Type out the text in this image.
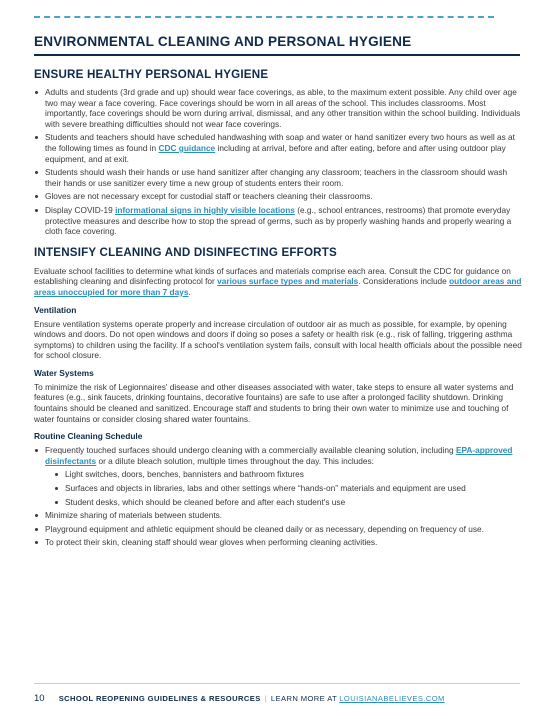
ENVIRONMENTAL CLEANING AND PERSONAL HYGIENE
ENSURE HEALTHY PERSONAL HYGIENE
Adults and students (3rd grade and up) should wear face coverings, as able, to the maximum extent possible. Any child over age two may wear a face covering. Face coverings should be worn in all areas of the school. This includes classrooms. Most importantly, face coverings should be worn during arrival, dismissal, and any other transition within the school building. Individuals with severe breathing difficulties should not wear face coverings.
Students and teachers should have scheduled handwashing with soap and water or hand sanitizer every two hours as well as at the following times as found in CDC guidance including at arrival, before and after eating, before and after using outdoor play equipment, and at exit.
Students should wash their hands or use hand sanitizer after changing any classroom; teachers in the classroom should wash their hands or use sanitizer every time a new group of students enters their room.
Gloves are not necessary except for custodial staff or teachers cleaning their classrooms.
Display COVID-19 informational signs in highly visible locations (e.g., school entrances, restrooms) that promote everyday protective measures and describe how to stop the spread of germs, such as by properly washing hands and properly wearing a cloth face covering.
INTENSIFY CLEANING AND DISINFECTING EFFORTS

Evaluate school facilities to determine what kinds of surfaces and materials comprise each area. Consult the CDC for guidance on establishing cleaning and disinfecting protocol for various surface types and materials. Considerations include outdoor areas and areas unoccupied for more than 7 days.

Ventilation

Ensure ventilation systems operate properly and increase circulation of outdoor air as much as possible, for example, by opening windows and doors. Do not open windows and doors if doing so poses a safety or health risk (e.g., risk of falling, triggering asthma symptoms) to children using the facility. If a school's ventilation system fails, consult with local health officials about the possible need for school closure.

Water Systems

To minimize the risk of Legionnaires' disease and other diseases associated with water, take steps to ensure all water systems and features (e.g., sink faucets, drinking fountains, decorative fountains) are safe to use after a prolonged facility shutdown. Drinking fountains should be cleaned and sanitized. Encourage staff and students to bring their own water to minimize use and touching of water fountains or consider closing shared water fountains.

Routine Cleaning Schedule
Frequently touched surfaces should undergo cleaning with a commercially available cleaning solution, including EPA-approved disinfectants or a dilute bleach solution, multiple times throughout the day. This includes:
Light switches, doors, benches, bannisters and bathroom fixtures
Surfaces and objects in libraries, labs and other settings where “hands-on” materials and equipment are used
Student desks, which should be cleaned before and after each student's use
Minimize sharing of materials between students.
Playground equipment and athletic equipment should be cleaned daily or as necessary, depending on frequency of use.
To protect their skin, cleaning staff should wear gloves when performing cleaning activities.
10 SCHOOL REOPENING GUIDELINES & RESOURCES | LEARN MORE AT LOUISIANABELIEVES.COM
